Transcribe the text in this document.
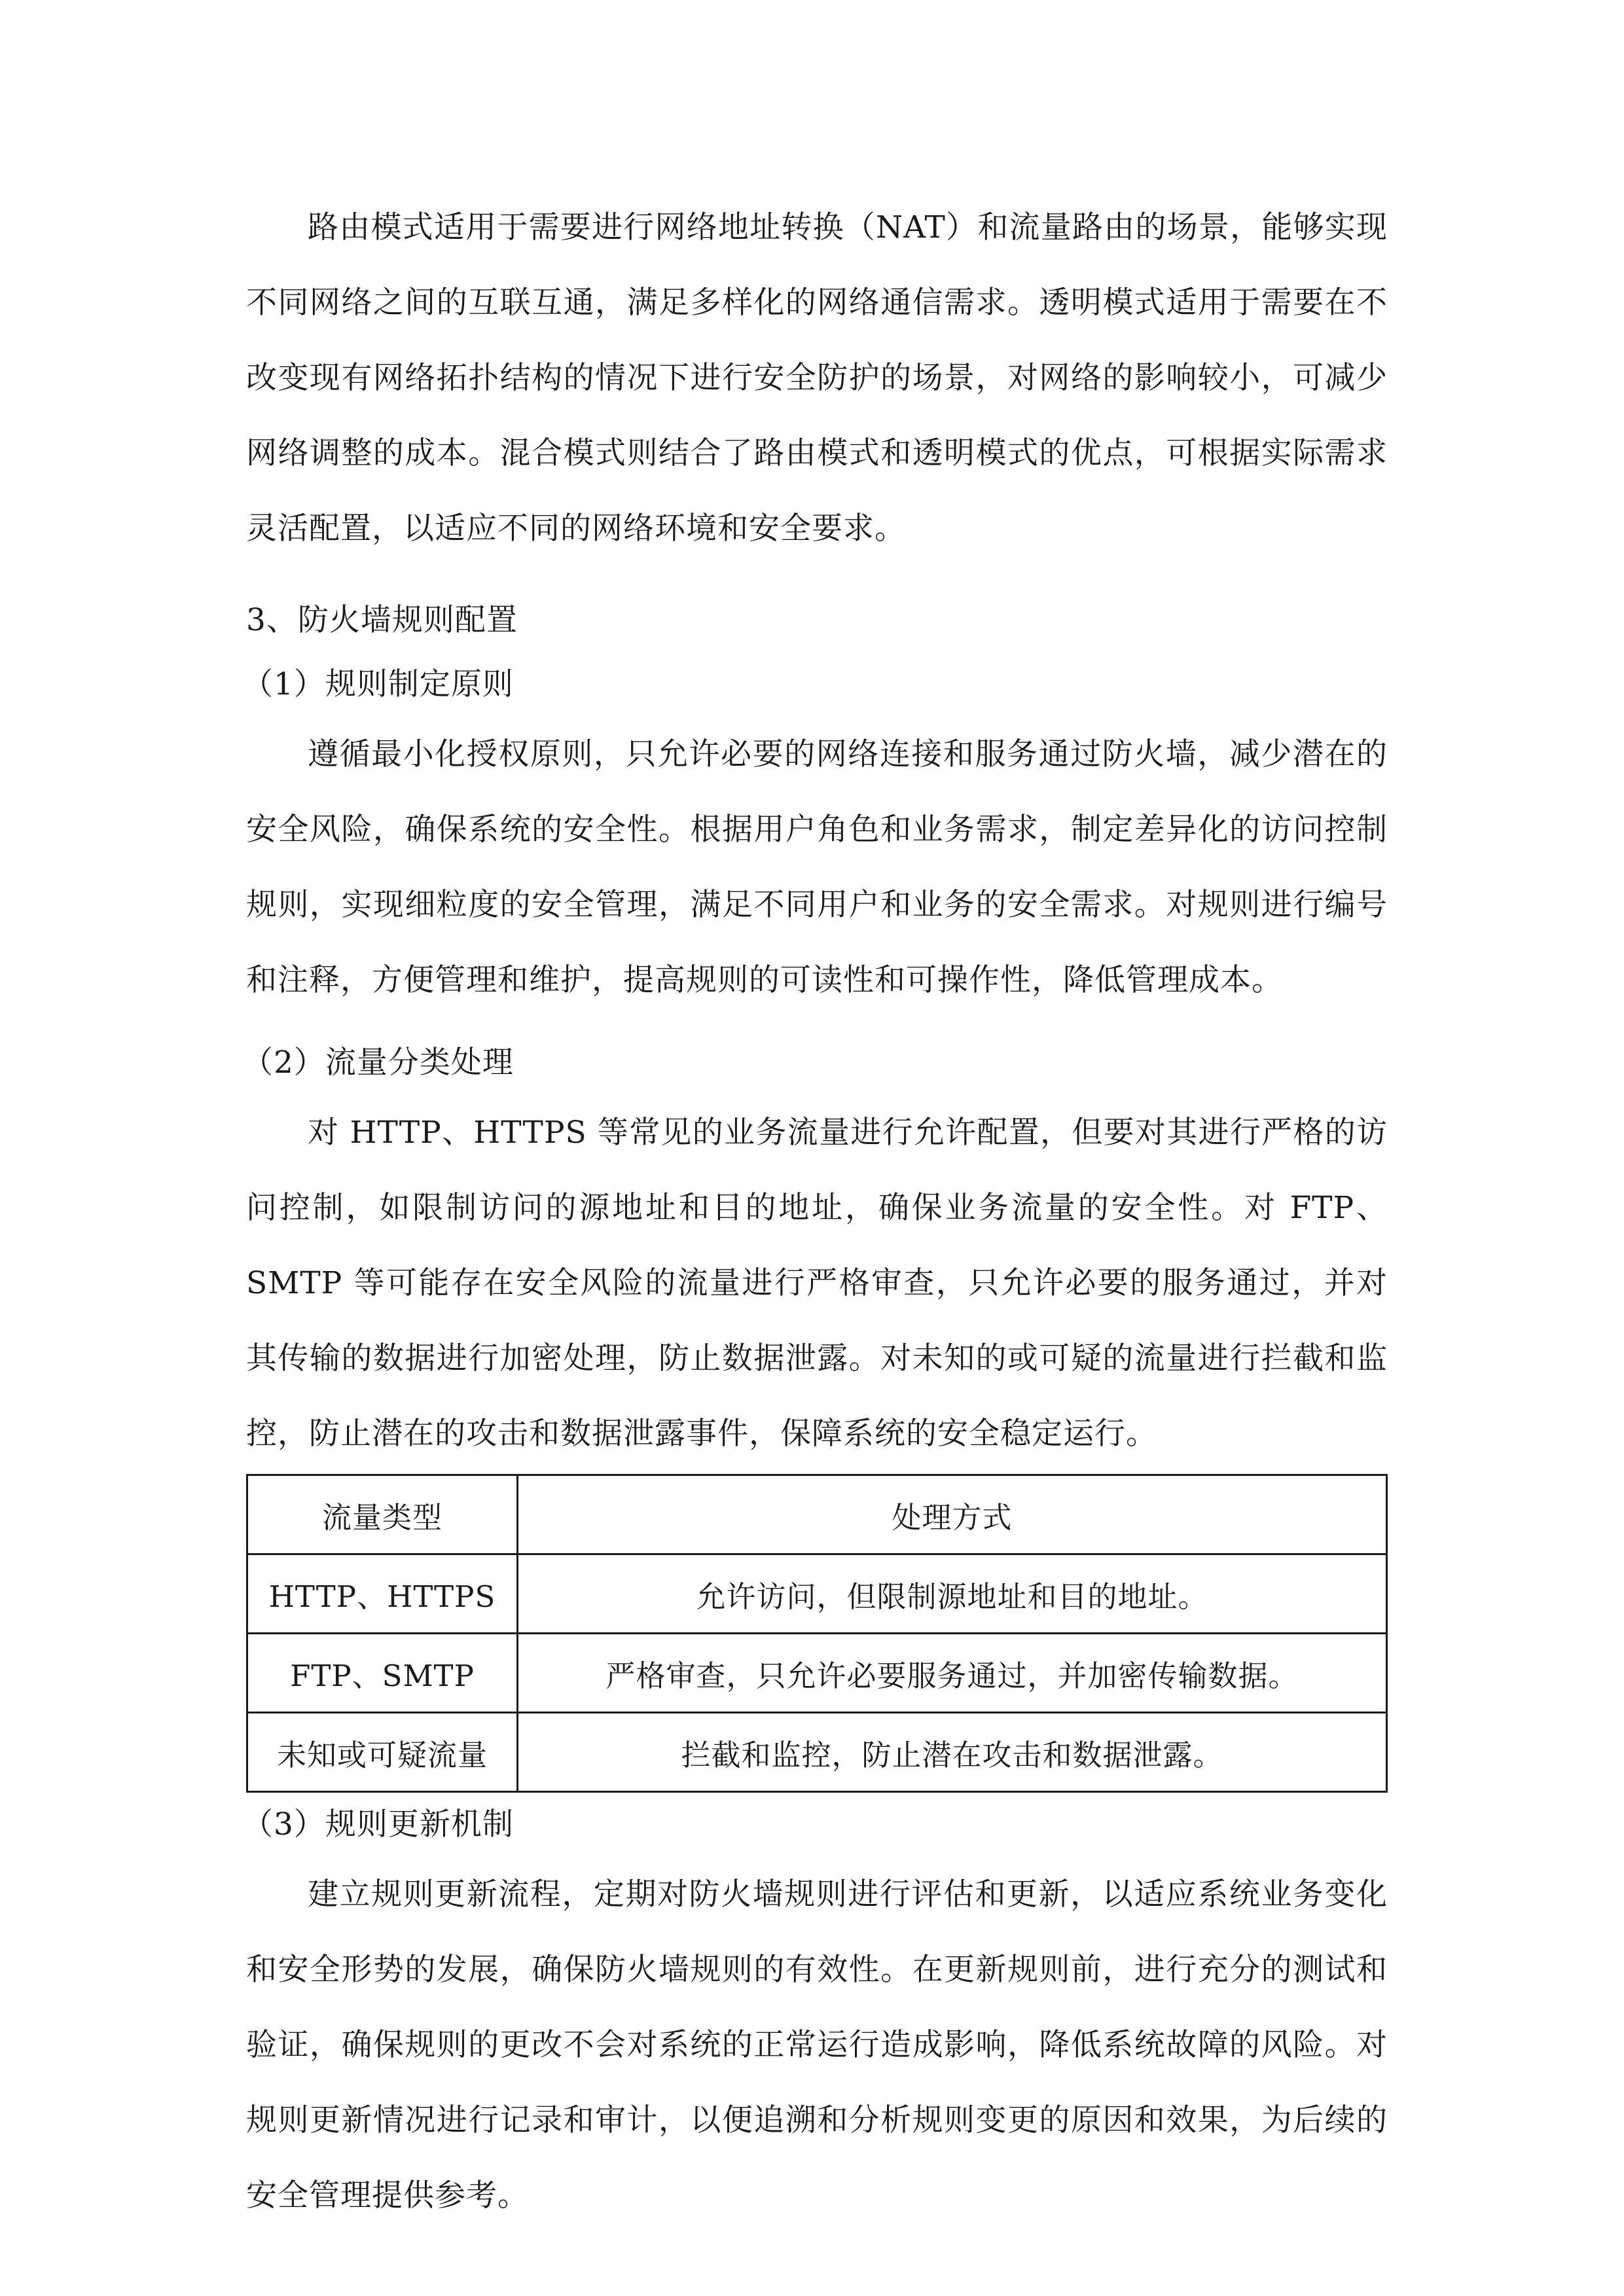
路由模式适用于需要进行网络地址转换（NAT）和流量路由的场景，能够实现不同网络之间的互联互通，满足多样化的网络通信需求。透明模式适用于需要在不改变现有网络拓扑结构的情况下进行安全防护的场景，对网络的影响较小，可减少网络调整的成本。混合模式则结合了路由模式和透明模式的优点，可根据实际需求灵活配置，以适应不同的网络环境和安全要求。

3、防火墙规则配置

（1）规则制定原则

遵循最小化授权原则，只允许必要的网络连接和服务通过防火墙，减少潜在的安全风险，确保系统的安全性。根据用户角色和业务需求，制定差异化的访问控制规则，实现细粒度的安全管理，满足不同用户和业务的安全需求。对规则进行编号和注释，方便管理和维护，提高规则的可读性和可操作性，降低管理成本。

（2）流量分类处理

对 HTTP、HTTPS 等常见的业务流量进行允许配置，但要对其进行严格的访问控制，如限制访问的源地址和目的地址，确保业务流量的安全性。对 FTP、SMTP 等可能存在安全风险的流量进行严格审查，只允许必要的服务通过，并对其传输的数据进行加密处理，防止数据泄露。对未知的或可疑的流量进行拦截和监控，防止潜在的攻击和数据泄露事件，保障系统的安全稳定运行。

流量类型	处理方式
HTTP、HTTPS	允许访问，但限制源地址和目的地址。
FTP、SMTP	严格审查，只允许必要服务通过，并加密传输数据。
未知或可疑流量	拦截和监控，防止潜在攻击和数据泄露。

（3）规则更新机制

建立规则更新流程，定期对防火墙规则进行评估和更新，以适应系统业务变化和安全形势的发展，确保防火墙规则的有效性。在更新规则前，进行充分的测试和验证，确保规则的更改不会对系统的正常运行造成影响，降低系统故障的风险。对规则更新情况进行记录和审计，以便追溯和分析规则变更的原因和效果，为后续的安全管理提供参考。
